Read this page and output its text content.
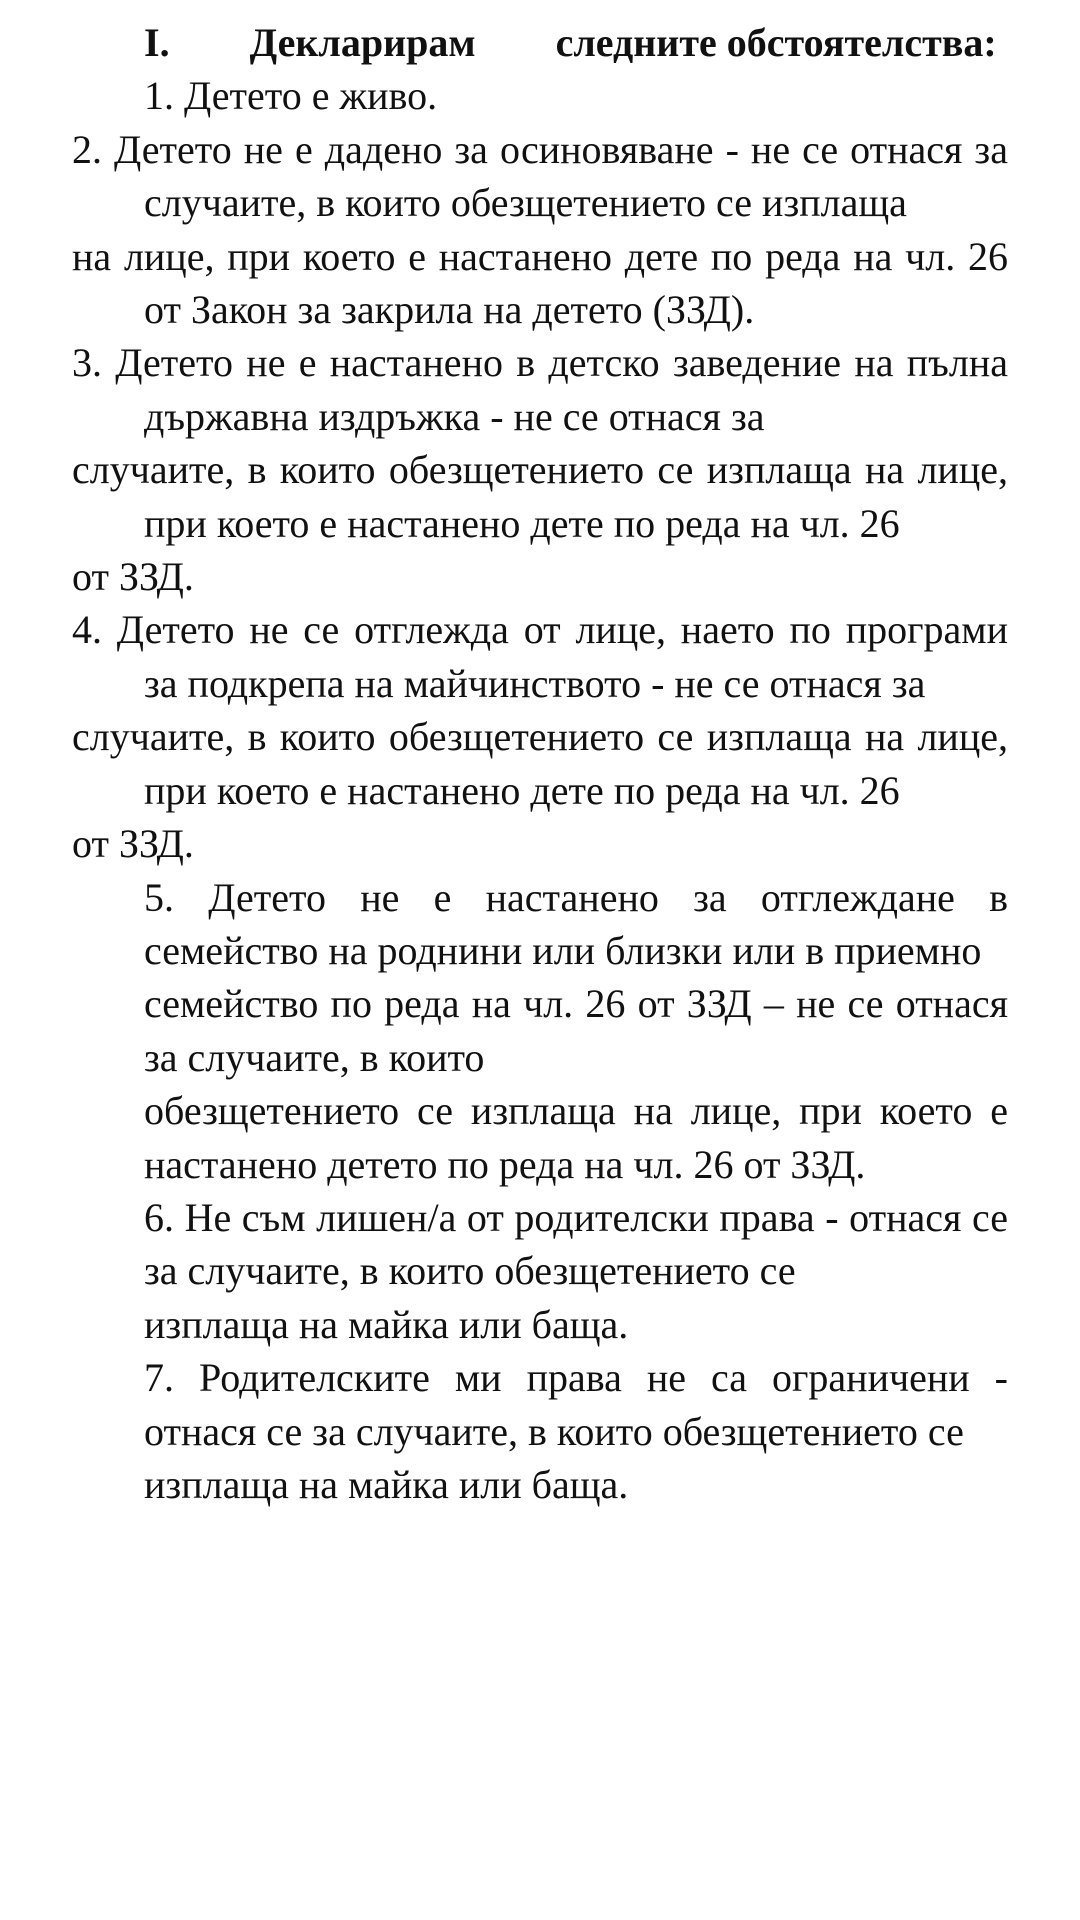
I.        Декларирам        следните обстоятелства:

1. Детето е живо.

2. Детето не е дадено за осиновяване - не се отнася за случаите, в които обезщетението се изплаща

на лице, при което е настанено дете по реда на чл. 26 от Закон за закрила на детето (ЗЗД).

3. Детето не е настанено в детско заведение на пълна държавна издръжка - не се отнася за

случаите, в които обезщетението се изплаща на лице, при което е настанено дете по реда на чл. 26

от ЗЗД.

4. Детето не се отглежда от лице, наето по програми за подкрепа на майчинството - не се отнася за

случаите, в които обезщетението се изплаща на лице, при което е настанено дете по реда на чл. 26

от ЗЗД.

5. Детето не е настанено за отглеждане в семейство на роднини или близки или в приемно

семейство по реда на чл. 26 от ЗЗД – не се отнася за случаите, в които

обезщетението се изплаща на лице, при което е настанено детето по реда на чл. 26 от ЗЗД.

6. Не съм лишен/а от родителски права - отнася се за случаите, в които обезщетението се

изплаща на майка или баща.

7. Родителските ми права не са ограничени - отнася се за случаите, в които обезщетението се

изплаща на майка или баща.
